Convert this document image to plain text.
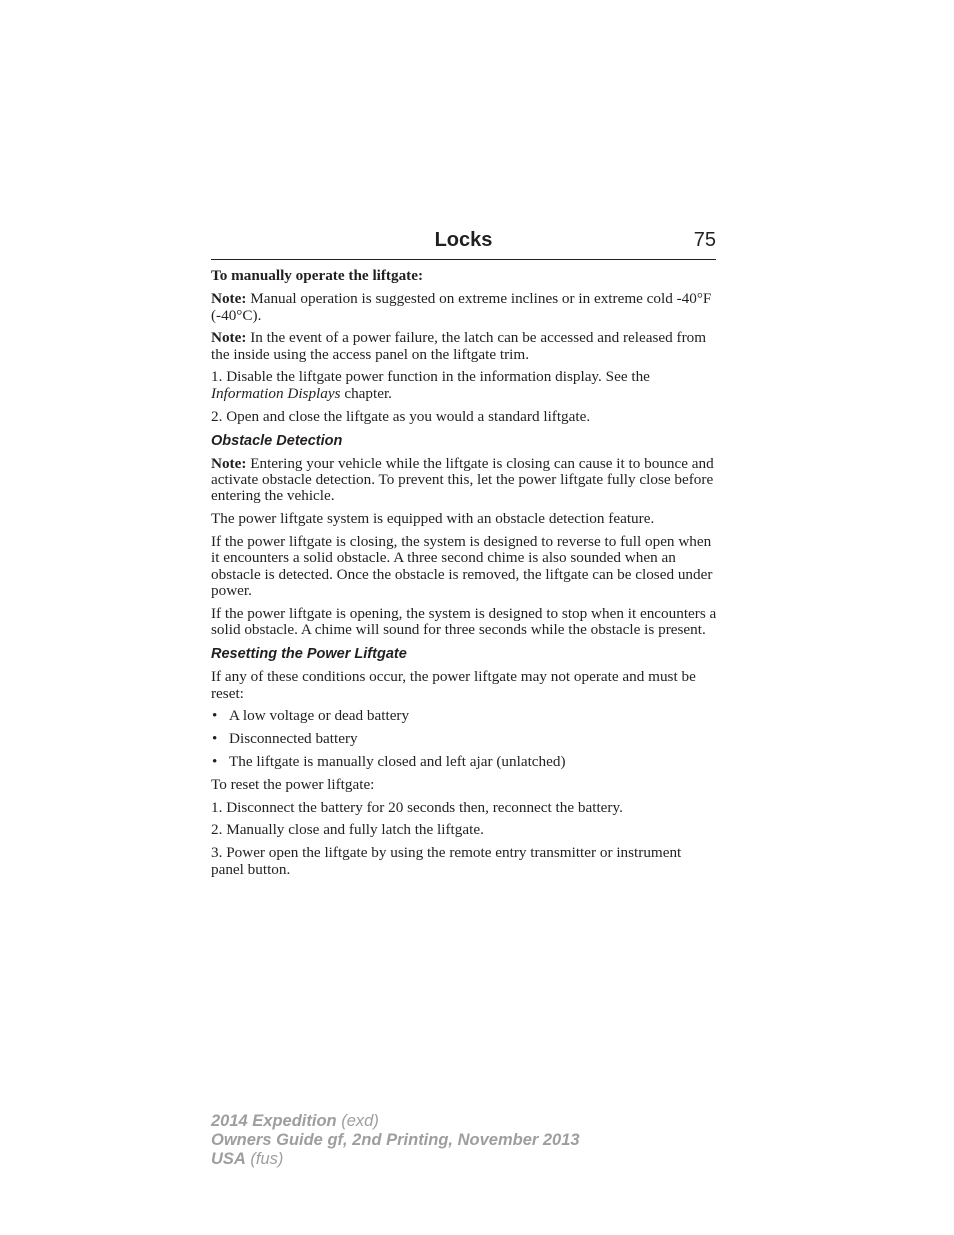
Locks	75

To manually operate the liftgate:

Note: Manual operation is suggested on extreme inclines or in extreme cold -40°F (-40°C).

Note: In the event of a power failure, the latch can be accessed and released from the inside using the access panel on the liftgate trim.

1. Disable the liftgate power function in the information display. See the Information Displays chapter.

2. Open and close the liftgate as you would a standard liftgate.

Obstacle Detection

Note: Entering your vehicle while the liftgate is closing can cause it to bounce and activate obstacle detection. To prevent this, let the power liftgate fully close before entering the vehicle.

The power liftgate system is equipped with an obstacle detection feature.

If the power liftgate is closing, the system is designed to reverse to full open when it encounters a solid obstacle. A three second chime is also sounded when an obstacle is detected. Once the obstacle is removed, the liftgate can be closed under power.

If the power liftgate is opening, the system is designed to stop when it encounters a solid obstacle. A chime will sound for three seconds while the obstacle is present.

Resetting the Power Liftgate

If any of these conditions occur, the power liftgate may not operate and must be reset:

• A low voltage or dead battery
• Disconnected battery
• The liftgate is manually closed and left ajar (unlatched)

To reset the power liftgate:

1. Disconnect the battery for 20 seconds then, reconnect the battery.

2. Manually close and fully latch the liftgate.

3. Power open the liftgate by using the remote entry transmitter or instrument panel button.

2014 Expedition (exd)
Owners Guide gf, 2nd Printing, November 2013
USA (fus)
